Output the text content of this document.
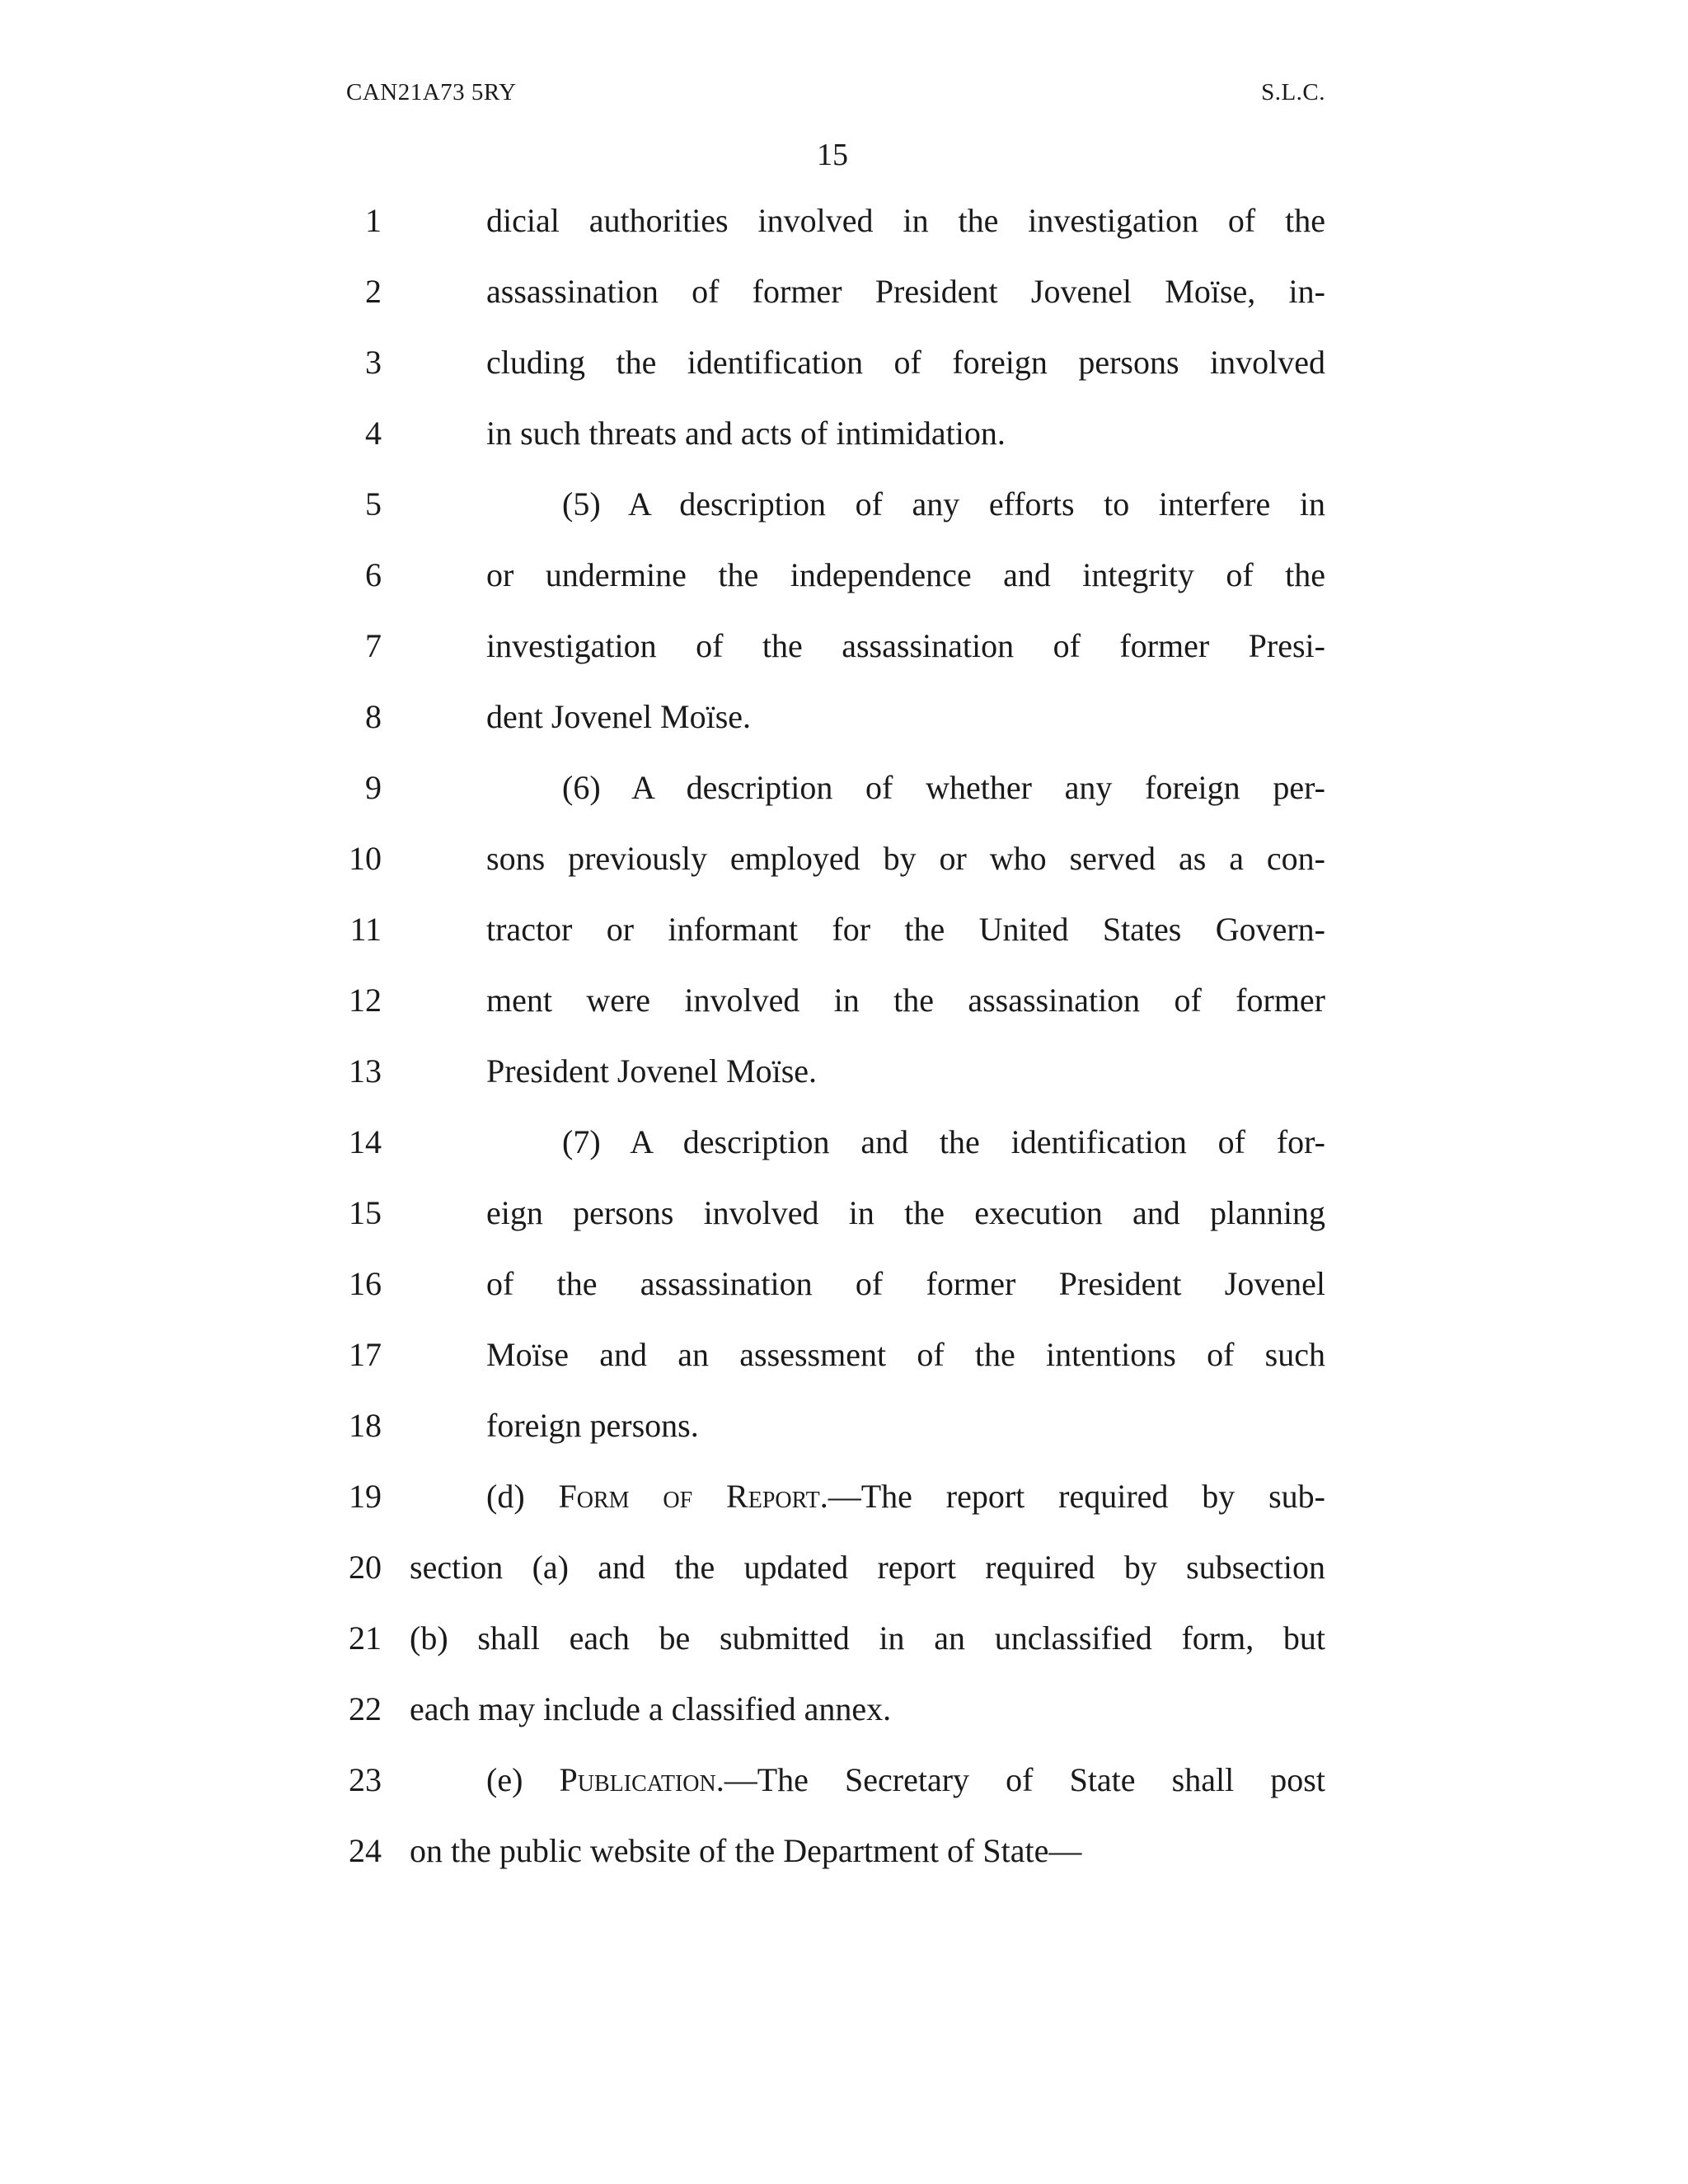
CAN21A73 5RY	S.L.C.
15
1	dicial authorities involved in the investigation of the
2	assassination of former President Jovenel Moïse, in-
3	cluding the identification of foreign persons involved
4	in such threats and acts of intimidation.
5	(5) A description of any efforts to interfere in
6	or undermine the independence and integrity of the
7	investigation of the assassination of former Presi-
8	dent Jovenel Moïse.
9	(6) A description of whether any foreign per-
10	sons previously employed by or who served as a con-
11	tractor or informant for the United States Govern-
12	ment were involved in the assassination of former
13	President Jovenel Moïse.
14	(7) A description and the identification of for-
15	eign persons involved in the execution and planning
16	of the assassination of former President Jovenel
17	Moïse and an assessment of the intentions of such
18	foreign persons.
19	(d) Form of Report.—The report required by sub-
20 section (a) and the updated report required by subsection
21 (b) shall each be submitted in an unclassified form, but
22 each may include a classified annex.
23	(e) Publication.—The Secretary of State shall post
24 on the public website of the Department of State—
